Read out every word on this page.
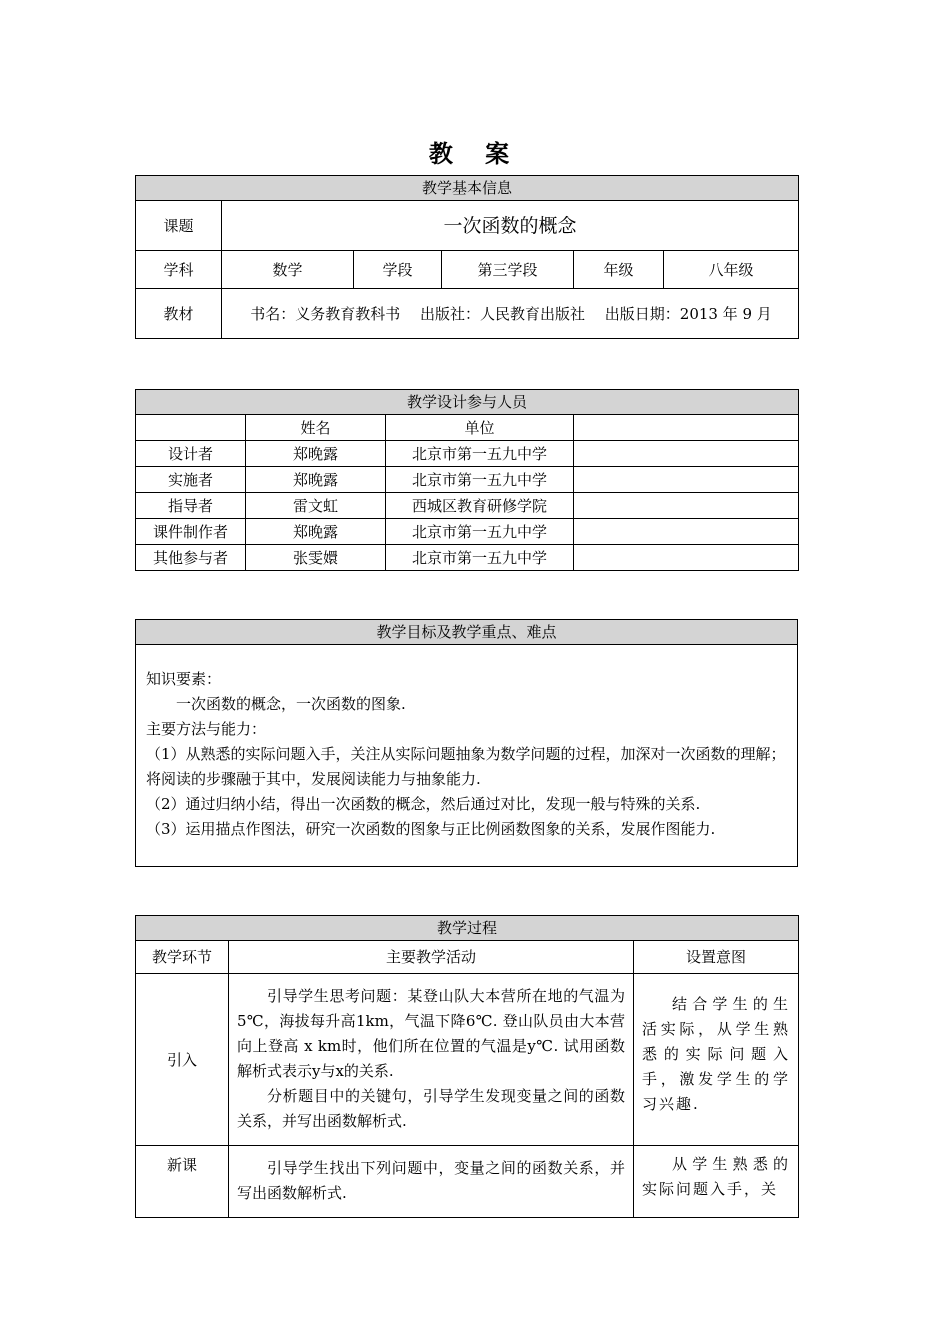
教 案
教学基本信息					
课题	一次函数的概念				
学科	数学	学段	第三学段	年级	八年级
教材	书名：义务教育教科书 　出版社：人民教育出版社 　出版日期：2013 年 9 月				
教学设计参与人员			
	姓名	单位	
设计者	郑晚露	北京市第一五九中学	
实施者	郑晚露	北京市第一五九中学	
指导者	雷文虹	西城区教育研修学院	
课件制作者	郑晚露	北京市第一五九中学	
其他参与者	张雯嬛	北京市第一五九中学	
教学目标及教学重点、难点

知识要素：

一次函数的概念，一次函数的图象.

主要方法与能力：

（1）从熟悉的实际问题入手，关注从实际问题抽象为数学问题的过程，加深对一次函数的理解；将阅读的步骤融于其中，发展阅读能力与抽象能力.

（2）通过归纳小结，得出一次函数的概念，然后通过对比，发现一般与特殊的关系.

（3）运用描点作图法，研究一次函数的图象与正比例函数图象的关系，发展作图能力.

教学过程		
教学环节	主要教学活动	设置意图
引入	引导学生思考问题：某登山队大本营所在地的气温为5℃，海拔每升高1km，气温下降6℃. 登山队员由大本营向上登高 x km时，他们所在位置的气温是y℃. 试用函数解析式表示y与x的关系.

分析题目中的关键句，引导学生发现变量之间的函数关系，并写出函数解析式.	结合学生的生活实际，从学生熟悉的实际问题入手，激发学生的学习兴趣.

新课	引导学生找出下列问题中，变量之间的函数关系，并写出函数解析式.	从学生熟悉的实际问题入手，关
